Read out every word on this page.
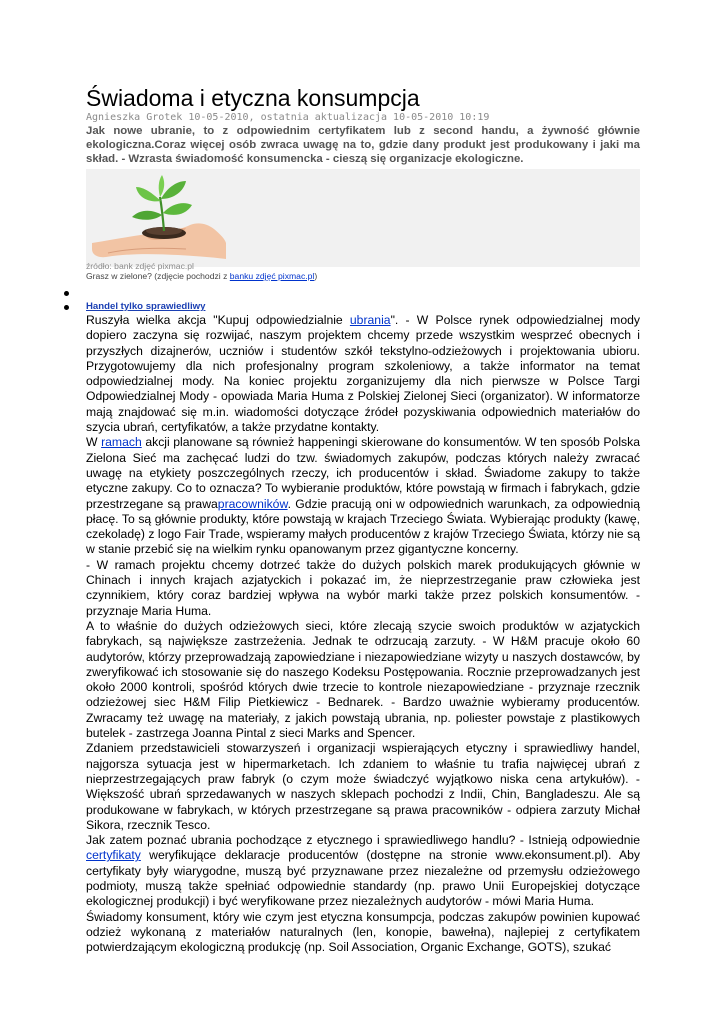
Świadoma i etyczna konsumpcja
Agnieszka Grotek 10-05-2010, ostatnia aktualizacja 10-05-2010 10:19
Jak nowe ubranie, to z odpowiednim certyfikatem lub z second handu, a żywność głównie ekologiczna.Coraz więcej osób zwraca uwagę na to, gdzie dany produkt jest produkowany i jaki ma skład. - Wzrasta świadomość konsumencka - cieszą się organizacje ekologiczne.
źródło: bank zdjęć pixmac.pl
Grasz w zielone? (zdjęcie pochodzi z banku zdjęć pixmac.pl)
Handel tylko sprawiedliwy

Ruszyła wielka akcja "Kupuj odpowiedzialnie ubrania". - W Polsce rynek odpowiedzialnej mody dopiero zaczyna się rozwijać, naszym projektem chcemy przede wszystkim wesprzeć obecnych i przyszłych dizajnerów, uczniów i studentów szkół tekstylno-odzieżowych i projektowania ubioru. Przygotowujemy dla nich profesjonalny program szkoleniowy, a także informator na temat odpowiedzialnej mody. Na koniec projektu zorganizujemy dla nich pierwsze w Polsce Targi Odpowiedzialnej Mody - opowiada Maria Huma z Polskiej Zielonej Sieci (organizator). W informatorze mają znajdować się m.in. wiadomości dotyczące źródeł pozyskiwania odpowiednich materiałów do szycia ubrań, certyfikatów, a także przydatne kontakty.

W ramach akcji planowane są również happeningi skierowane do konsumentów. W ten sposób Polska Zielona Sieć ma zachęcać ludzi do tzw. świadomych zakupów, podczas których należy zwracać uwagę na etykiety poszczególnych rzeczy, ich producentów i skład. Świadome zakupy to także etyczne zakupy. Co to oznacza? To wybieranie produktów, które powstają w firmach i fabrykach, gdzie przestrzegane są prawapracowników. Gdzie pracują oni w odpowiednich warunkach, za odpowiednią płacę. To są głównie produkty, które powstają w krajach Trzeciego Świata. Wybierając produkty (kawę, czekoladę) z logo Fair Trade, wspieramy małych producentów z krajów Trzeciego Świata, którzy nie są w stanie przebić się na wielkim rynku opanowanym przez gigantyczne koncerny.

- W ramach projektu chcemy dotrzeć także do dużych polskich marek produkujących głównie w Chinach i innych krajach azjatyckich i pokazać im, że nieprzestrzeganie praw człowieka jest czynnikiem, który coraz bardziej wpływa na wybór marki także przez polskich konsumentów. - przyznaje Maria Huma.

A to właśnie do dużych odzieżowych sieci, które zlecają szycie swoich produktów w azjatyckich fabrykach, są największe zastrzeżenia. Jednak te odrzucają zarzuty. - W H&M pracuje około 60 audytorów, którzy przeprowadzają zapowiedziane i niezapowiedziane wizyty u naszych dostawców, by zweryfikować ich stosowanie się do naszego Kodeksu Postępowania. Rocznie przeprowadzanych jest około 2000 kontroli, spośród których dwie trzecie to kontrole niezapowiedziane - przyznaje rzecznik odzieżowej siec H&M Filip Pietkiewicz - Bednarek. - Bardzo uważnie wybieramy producentów. Zwracamy też uwagę na materiały, z jakich powstają ubrania, np. poliester powstaje z plastikowych butelek - zastrzega Joanna Pintal z sieci Marks and Spencer.

Zdaniem przedstawicieli stowarzyszeń i organizacji wspierających etyczny i sprawiedliwy handel, najgorsza sytuacja jest w hipermarketach. Ich zdaniem to właśnie tu trafia najwięcej ubrań z nieprzestrzegających praw fabryk (o czym może świadczyć wyjątkowo niska cena artykułów). - Większość ubrań sprzedawanych w naszych sklepach pochodzi z Indii, Chin, Bangladeszu. Ale są produkowane w fabrykach, w których przestrzegane są prawa pracowników - odpiera zarzuty Michał Sikora, rzecznik Tesco.

Jak zatem poznać ubrania pochodzące z etycznego i sprawiedliwego handlu? - Istnieją odpowiednie certyfikaty weryfikujące deklaracje producentów (dostępne na stronie www.ekonsument.pl). Aby certyfikaty były wiarygodne, muszą być przyznawane przez niezależne od przemysłu odzieżowego podmioty, muszą także spełniać odpowiednie standardy (np. prawo Unii Europejskiej dotyczące ekologicznej produkcji) i być weryfikowane przez niezależnych audytorów - mówi Maria Huma.

Świadomy konsument, który wie czym jest etyczna konsumpcja, podczas zakupów powinien kupować odzież wykonaną z materiałów naturalnych (len, konopie, bawełna), najlepiej z certyfikatem potwierdzającym ekologiczną produkcję (np. Soil Association, Organic Exchange, GOTS), szukać
